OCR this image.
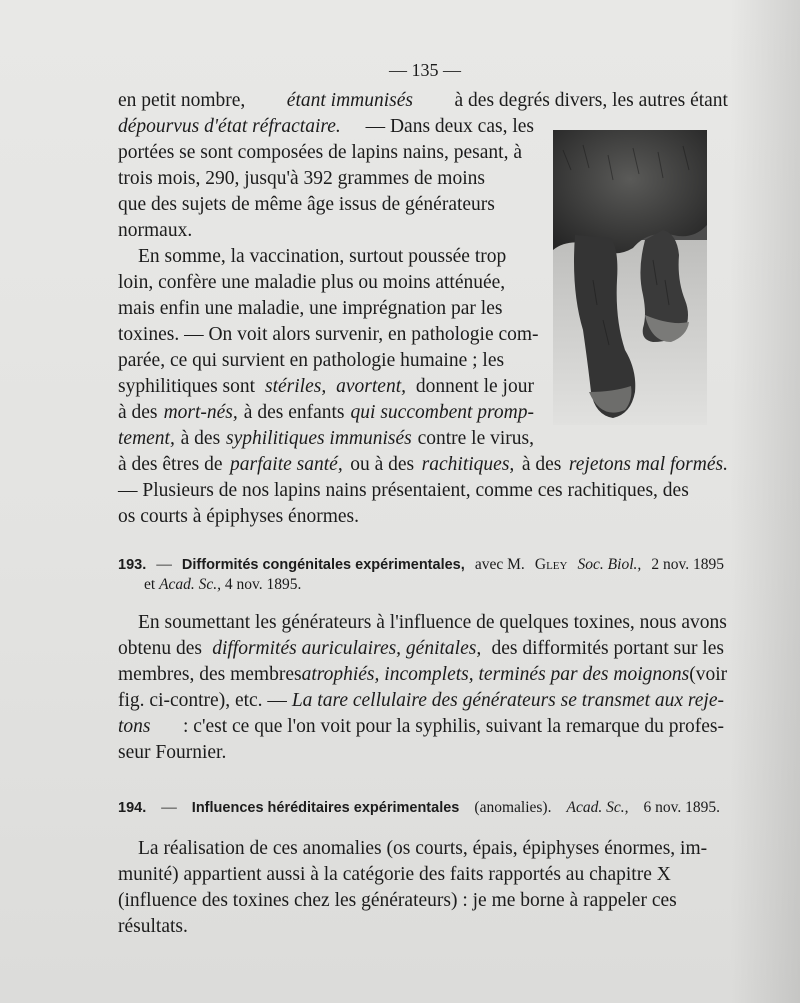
— 135 —
en petit nombre, étant immunisés à des degrés divers, les autres étant
dépourvus d'état réfractaire. — Dans deux cas, les
portées se sont composées de lapins nains, pesant, à
trois mois, 290, jusqu'à 392 grammes de moins
que des sujets de même âge issus de générateurs
normaux.
En somme, la vaccination, surtout poussée trop
loin, confère une maladie plus ou moins atténuée,
mais enfin une maladie, une imprégnation par les
toxines. — On voit alors survenir, en pathologie com-
parée, ce qui survient en pathologie humaine ; les
syphilitiques sont stériles, avortent, donnent le jour
à des mort-nés, à des enfants qui succombent promp-
tement, à des syphilitiques immunisés contre le virus,
à des êtres de parfaite santé, ou à des rachitiques, à des rejetons mal formés.
— Plusieurs de nos lapins nains présentaient, comme ces rachitiques, des
os courts à épiphyses énormes.
193. — Difformités congénitales expérimentales, avec M. Gley Soc. Biol., 2 nov. 1895
et Acad. Sc., 4 nov. 1895.
En soumettant les générateurs à l'influence de quelques toxines, nous avons
obtenu des difformités auriculaires, génitales, des difformités portant sur les
membres, des membres atrophiés, incomplets, terminés par des moignons (voir
fig. ci-contre), etc. — La tare cellulaire des générateurs se transmet aux reje-
tons : c'est ce que l'on voit pour la syphilis, suivant la remarque du profes-
seur Fournier.
194. — Influences héréditaires expérimentales (anomalies). Acad. Sc., 6 nov. 1895.
La réalisation de ces anomalies (os courts, épais, épiphyses énormes, im-
munité) appartient aussi à la catégorie des faits rapportés au chapitre X
(influence des toxines chez les générateurs) : je me borne à rappeler ces
résultats.
